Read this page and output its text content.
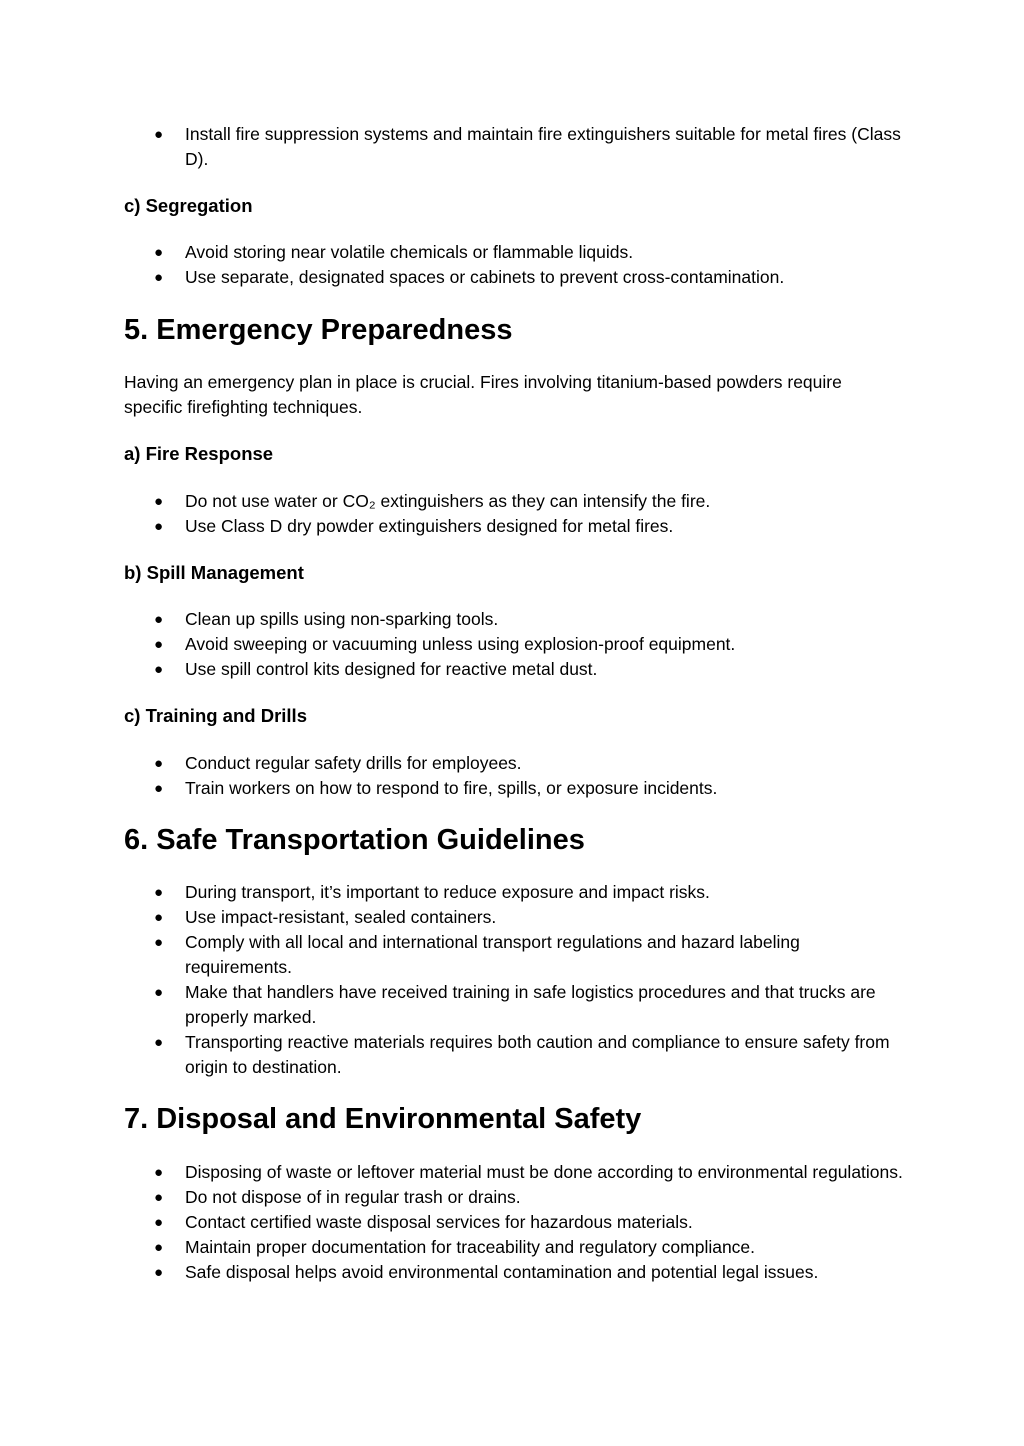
● Install fire suppression systems and maintain fire extinguishers suitable for metal fires (Class D).
c) Segregation
● Avoid storing near volatile chemicals or flammable liquids.
● Use separate, designated spaces or cabinets to prevent cross-contamination.
5. Emergency Preparedness

Having an emergency plan in place is crucial. Fires involving titanium-based powders require specific firefighting techniques.

a) Fire Response
● Do not use water or CO₂ extinguishers as they can intensify the fire.
● Use Class D dry powder extinguishers designed for metal fires.
b) Spill Management
● Clean up spills using non-sparking tools.
● Avoid sweeping or vacuuming unless using explosion-proof equipment.
● Use spill control kits designed for reactive metal dust.
c) Training and Drills
● Conduct regular safety drills for employees.
● Train workers on how to respond to fire, spills, or exposure incidents.
6. Safe Transportation Guidelines
● During transport, it’s important to reduce exposure and impact risks.
● Use impact-resistant, sealed containers.
● Comply with all local and international transport regulations and hazard labeling requirements.
● Make that handlers have received training in safe logistics procedures and that trucks are properly marked.
● Transporting reactive materials requires both caution and compliance to ensure safety from origin to destination.
7. Disposal and Environmental Safety
● Disposing of waste or leftover material must be done according to environmental regulations.
● Do not dispose of in regular trash or drains.
● Contact certified waste disposal services for hazardous materials.
● Maintain proper documentation for traceability and regulatory compliance.
● Safe disposal helps avoid environmental contamination and potential legal issues.
